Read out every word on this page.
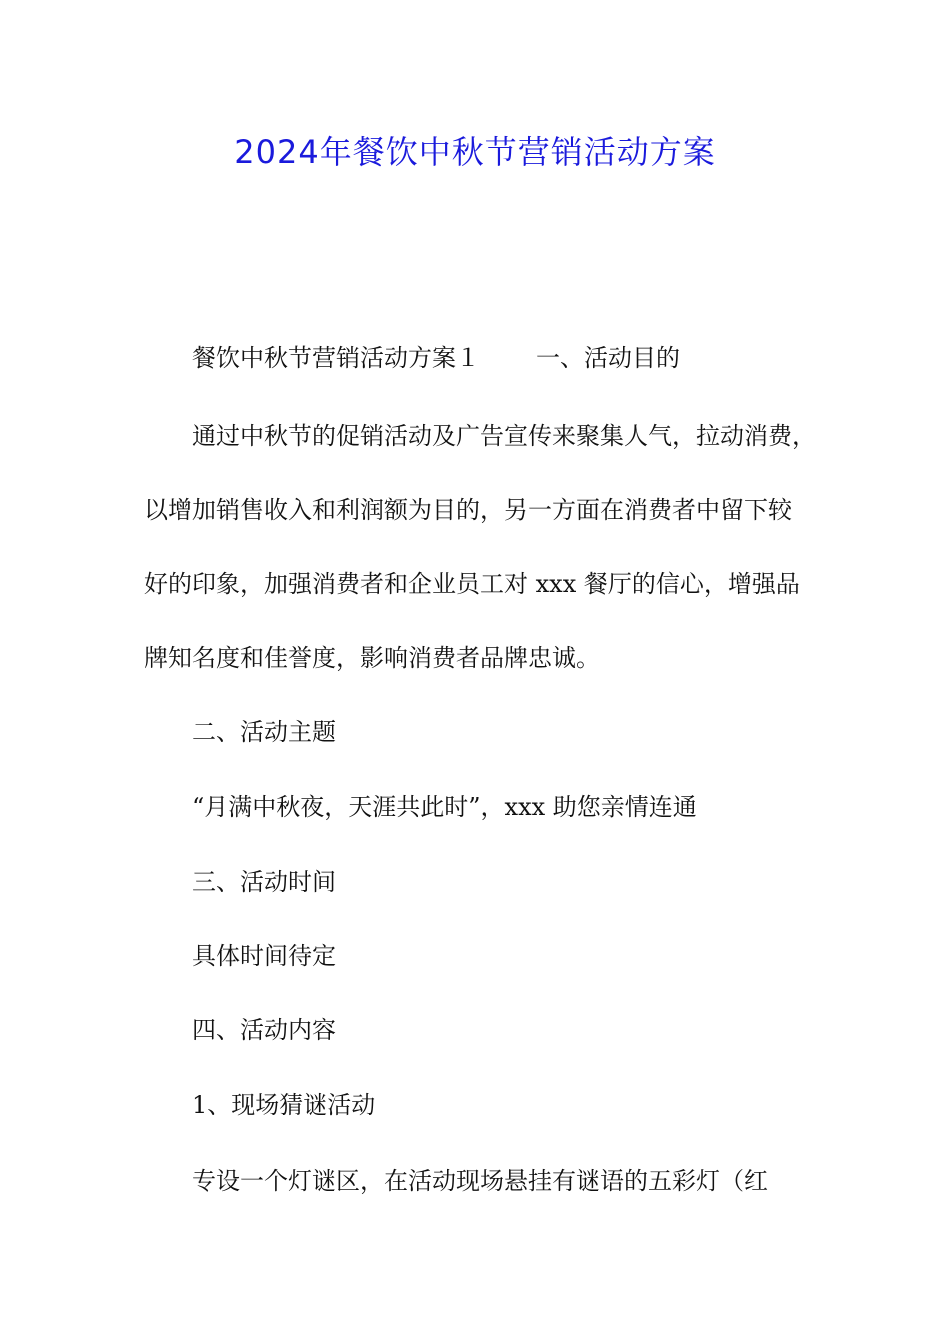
2024年餐饮中秋节营销活动方案
餐饮中秋节营销活动方案１ 一、活动目的
通过中秋节的促销活动及广告宣传来聚集人气，拉动消费，
以增加销售收入和利润额为目的，另一方面在消费者中留下较
好的印象，加强消费者和企业员工对 xxx 餐厅的信心，增强品
牌知名度和佳誉度，影响消费者品牌忠诚。
二、活动主题
“月满中秋夜，天涯共此时”，xxx 助您亲情连通
三、活动时间
具体时间待定
四、活动内容
1、现场猜谜活动
专设一个灯谜区，在活动现场悬挂有谜语的五彩灯（红
